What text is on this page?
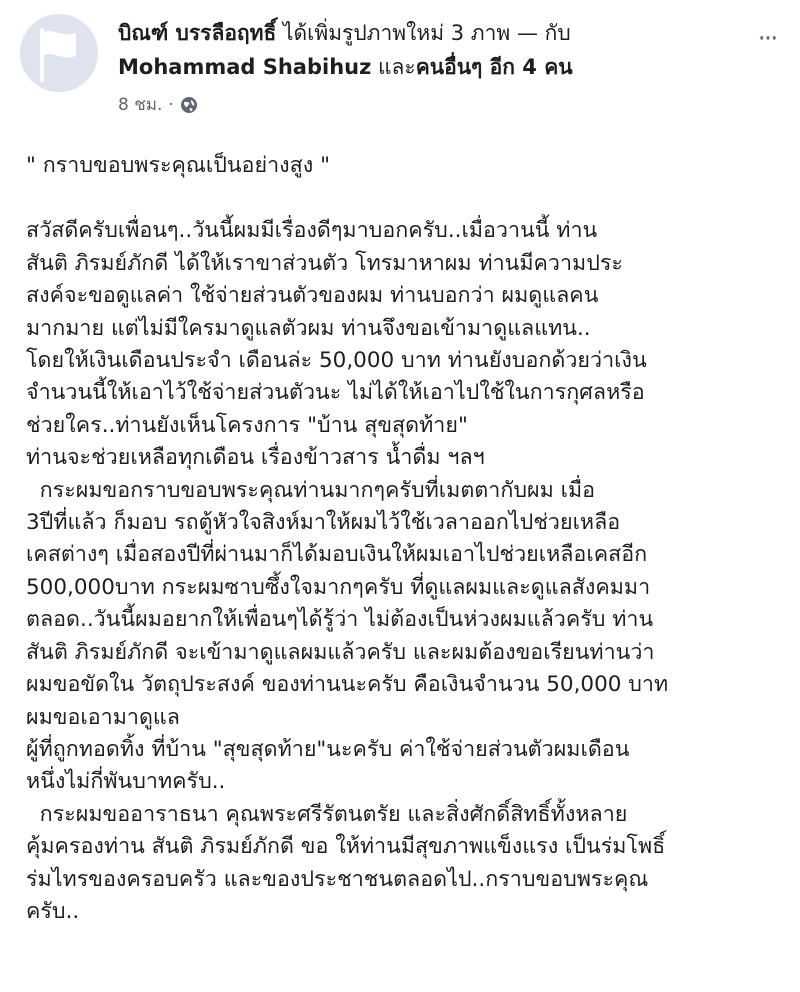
บิณฑ์ บรรลือฤทธิ์ ได้เพิ่มรูปภาพใหม่ 3 ภาพ — กับ
Mohammad Shabihuz และคนอื่นๆ อีก 4 คน
8 ชม. ·
···
" กราบขอบพระคุณเป็นอย่างสูง "
สวัสดีครับเพื่อนๆ..วันนี้ผมมีเรื่องดีๆมาบอกครับ..เมื่อวานนี้ ท่าน
สันติ ภิรมย์ภักดี ได้ให้เราขาส่วนตัว โทรมาหาผม ท่านมีความประ
สงค์จะขอดูแลค่า ใช้จ่ายส่วนตัวของผม ท่านบอกว่า ผมดูแลคน
มากมาย แต่ไม่มีใครมาดูแลตัวผม ท่านจึงขอเข้ามาดูแลแทน..
โดยให้เงินเดือนประจำ เดือนล่ะ 50,000 บาท ท่านยังบอกด้วยว่าเงิน
จำนวนนี้ให้เอาไว้ใช้จ่ายส่วนตัวนะ ไม่ได้ให้เอาไปใช้ในการกุศลหรือ
ช่วยใคร..ท่านยังเห็นโครงการ "บ้าน สุขสุดท้าย"
ท่านจะช่วยเหลือทุกเดือน เรื่องข้าวสาร น้ำดื่ม ฯลฯ
กระผมขอกราบขอบพระคุณท่านมากๆครับที่เมตตากับผม เมื่อ
3ปีที่แล้ว ก็มอบ รถตู้หัวใจสิงห์มาให้ผมไว้ใช้เวลาออกไปช่วยเหลือ
เคสต่างๆ เมื่อสองปีที่ผ่านมาก็ได้มอบเงินให้ผมเอาไปช่วยเหลือเคสอีก
500,000บาท กระผมซาบซึ้งใจมากๆครับ ที่ดูแลผมและดูแลสังคมมา
ตลอด..วันนี้ผมอยากให้เพื่อนๆได้รู้ว่า ไม่ต้องเป็นห่วงผมแล้วครับ ท่าน
สันติ ภิรมย์ภักดี จะเข้ามาดูแลผมแล้วครับ และผมต้องขอเรียนท่านว่า
ผมขอขัดใน วัตถุประสงค์ ของท่านนะครับ คือเงินจำนวน 50,000 บาท
ผมขอเอามาดูแล
ผู้ที่ถูกทอดทิ้ง ที่บ้าน "สุขสุดท้าย"นะครับ ค่าใช้จ่ายส่วนตัวผมเดือน
หนึ่งไม่กี่พันบาทครับ..
กระผมขออาราธนา คุณพระศรีรัตนตรัย และสิ่งศักดิ์สิทธิ์ทั้งหลาย
คุ้มครองท่าน สันติ ภิรมย์ภักดี ขอ ให้ท่านมีสุขภาพแข็งแรง เป็นร่มโพธิ์
ร่มไทรของครอบครัว และของประชาชนตลอดไป..กราบขอบพระคุณ
ครับ..
